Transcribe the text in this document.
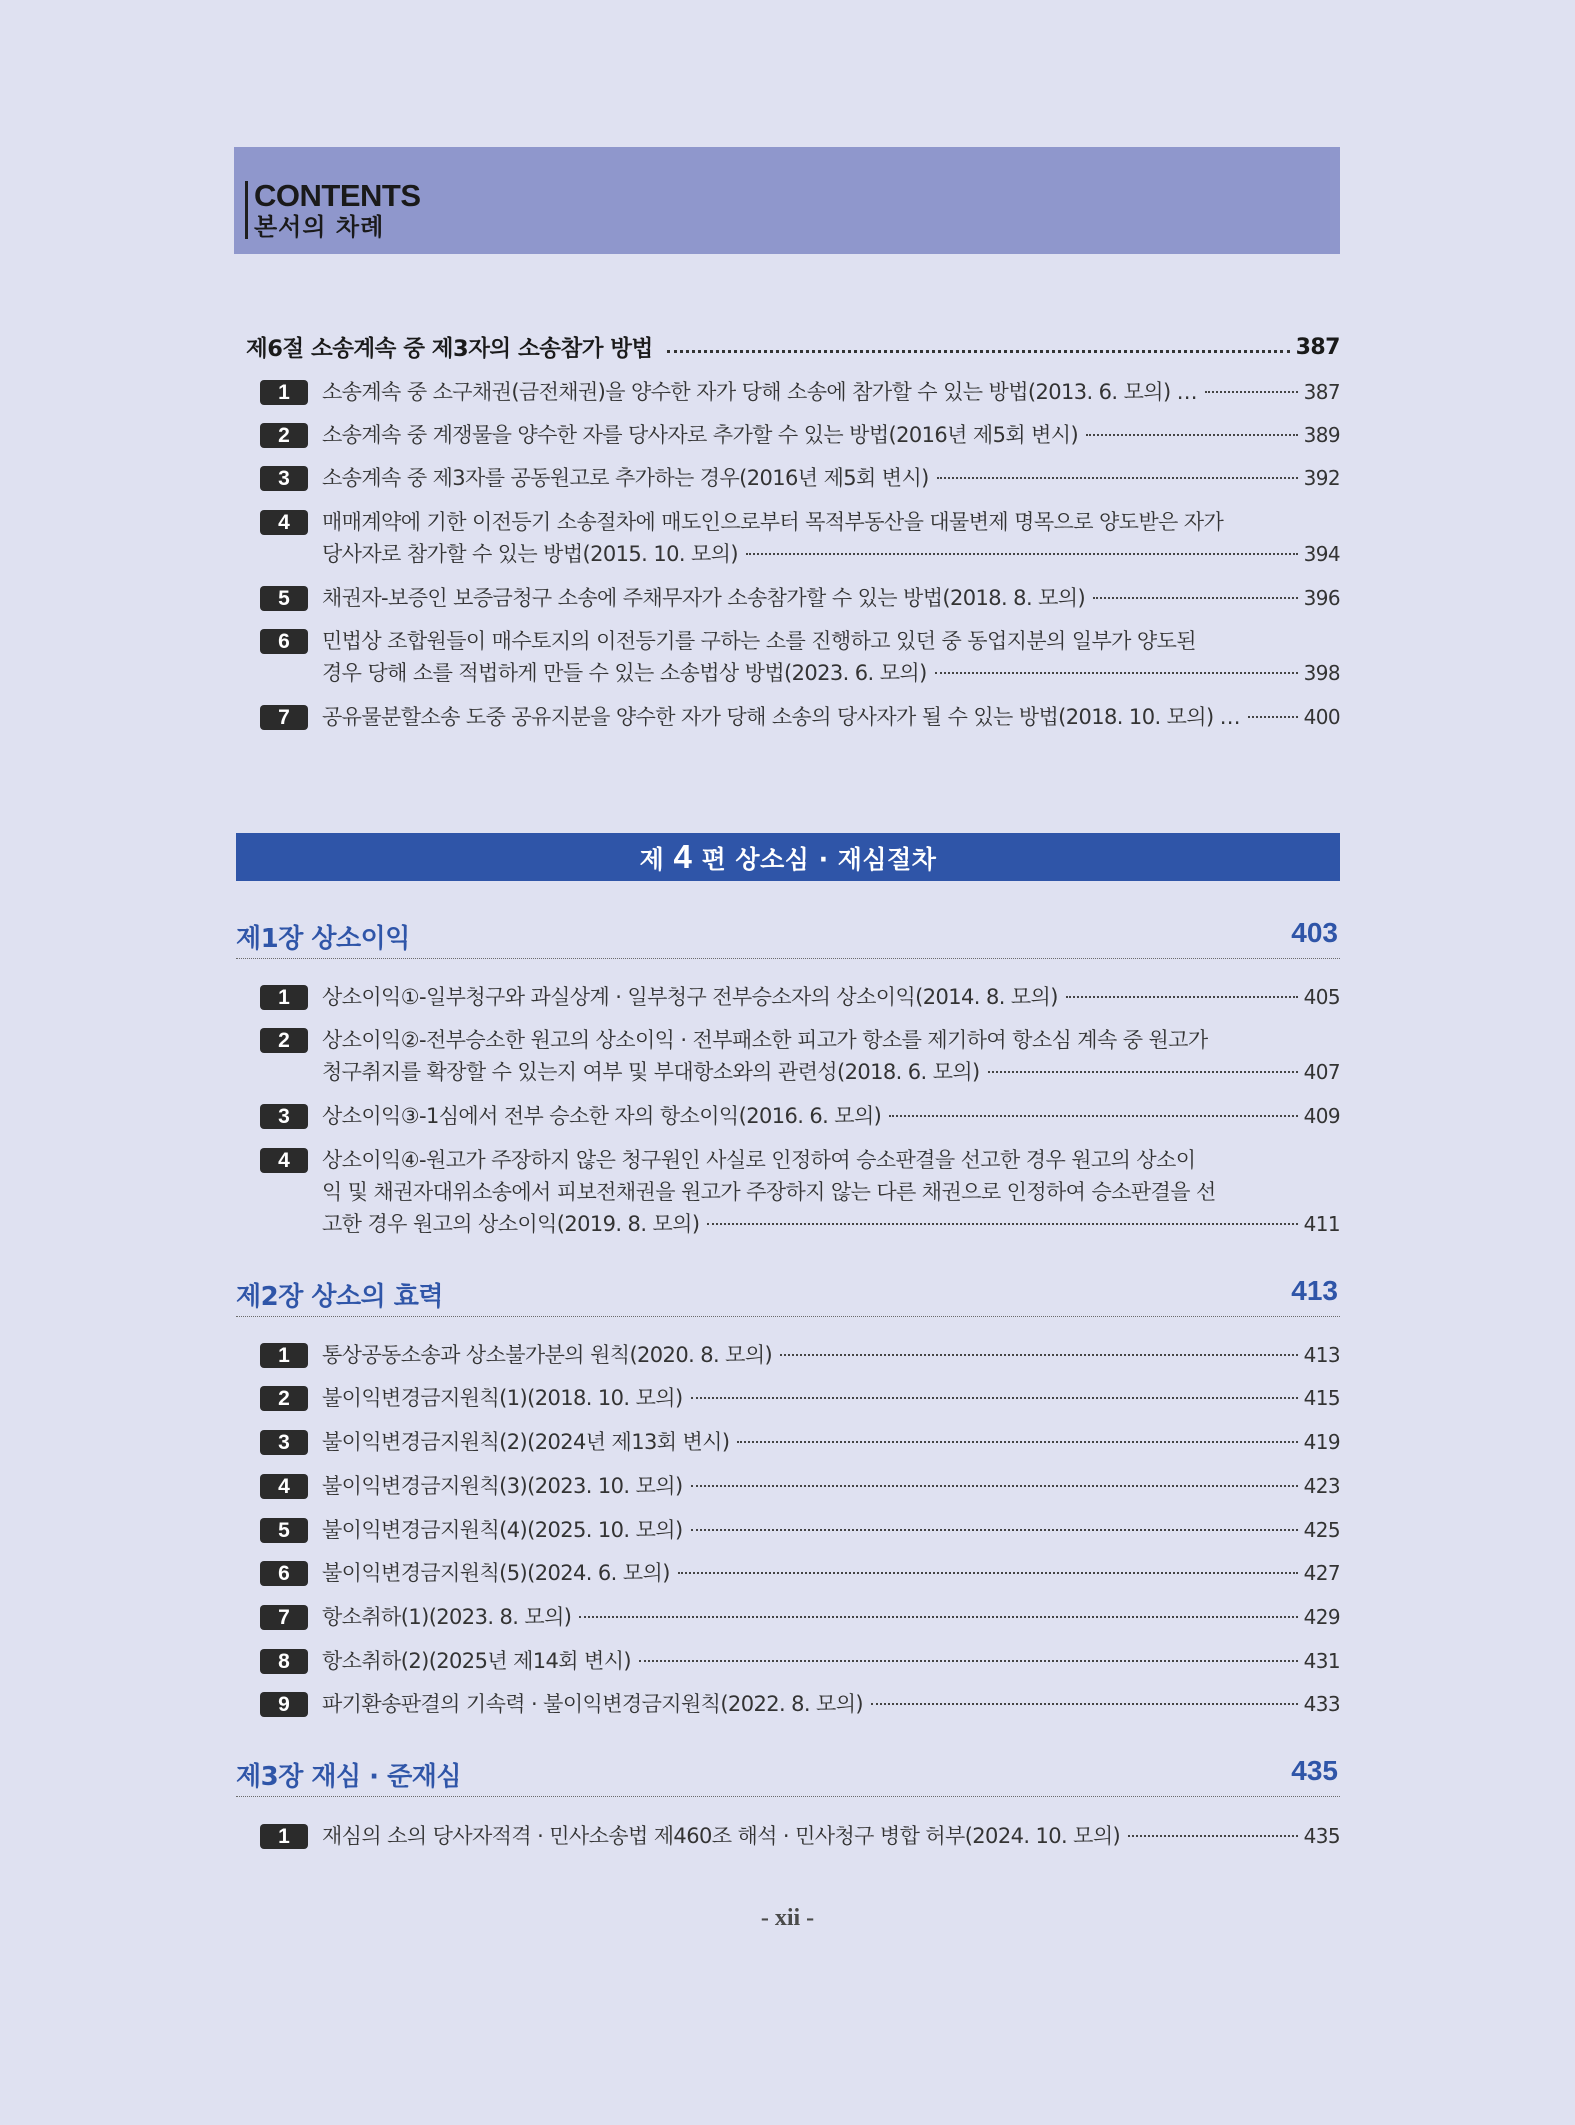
CONTENTS
본서의 차례
제6절 소송계속 중 제3자의 소송참가 방법	387
1	소송계속 중 소구채권(금전채권)을 양수한 자가 당해 소송에 참가할 수 있는 방법(2013. 6. 모의) …	387
2	소송계속 중 계쟁물을 양수한 자를 당사자로 추가할 수 있는 방법(2016년 제5회 변시)	389
3	소송계속 중 제3자를 공동원고로 추가하는 경우(2016년 제5회 변시)	392
4	매매계약에 기한 이전등기 소송절차에 매도인으로부터 목적부동산을 대물변제 명목으로 양도받은 자가
당사자로 참가할 수 있는 방법(2015. 10. 모의)	394
5	채권자-보증인 보증금청구 소송에 주채무자가 소송참가할 수 있는 방법(2018. 8. 모의)	396
6	민법상 조합원들이 매수토지의 이전등기를 구하는 소를 진행하고 있던 중 동업지분의 일부가 양도된
경우 당해 소를 적법하게 만들 수 있는 소송법상 방법(2023. 6. 모의)	398
7	공유물분할소송 도중 공유지분을 양수한 자가 당해 소송의 당사자가 될 수 있는 방법(2018. 10. 모의) …	400
제 4 편 상소심 · 재심절차
제1장 상소이익	403
1	상소이익①-일부청구와 과실상계 · 일부청구 전부승소자의 상소이익(2014. 8. 모의)	405
2	상소이익②-전부승소한 원고의 상소이익 · 전부패소한 피고가 항소를 제기하여 항소심 계속 중 원고가
청구취지를 확장할 수 있는지 여부 및 부대항소와의 관련성(2018. 6. 모의)	407
3	상소이익③-1심에서 전부 승소한 자의 항소이익(2016. 6. 모의)	409
4	상소이익④-원고가 주장하지 않은 청구원인 사실로 인정하여 승소판결을 선고한 경우 원고의 상소이
익 및 채권자대위소송에서 피보전채권을 원고가 주장하지 않는 다른 채권으로 인정하여 승소판결을 선
고한 경우 원고의 상소이익(2019. 8. 모의)	411
제2장 상소의 효력	413
1	통상공동소송과 상소불가분의 원칙(2020. 8. 모의)	413
2	불이익변경금지원칙(1)(2018. 10. 모의)	415
3	불이익변경금지원칙(2)(2024년 제13회 변시)	419
4	불이익변경금지원칙(3)(2023. 10. 모의)	423
5	불이익변경금지원칙(4)(2025. 10. 모의)	425
6	불이익변경금지원칙(5)(2024. 6. 모의)	427
7	항소취하(1)(2023. 8. 모의)	429
8	항소취하(2)(2025년 제14회 변시)	431
9	파기환송판결의 기속력 · 불이익변경금지원칙(2022. 8. 모의)	433
제3장 재심 · 준재심	435
1	재심의 소의 당사자적격 · 민사소송법 제460조 해석 · 민사청구 병합 허부(2024. 10. 모의)	435
- xii -
